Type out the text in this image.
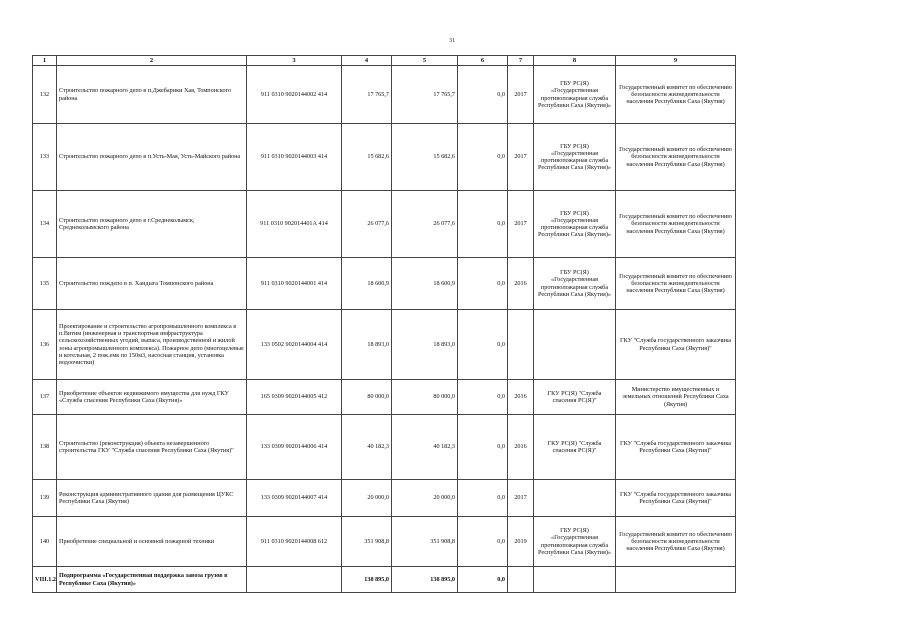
31
1	2	3	4	5	6	7	8	9
132	Строительство пожарного депо в п.Джебарики Хая, Томпонского района	911 0310 9020144002 414	17 765,7	17 765,7	0,0	2017	ГБУ РС(Я) «Государственная противопожарная служба Республики Саха (Якутия)»	Государственный комитет по обеспечению безопасности жизнедеятельности населения Республики Саха (Якутия)
133	Строительство пожарного депо в п.Усть-Мая, Усть-Майского района	911 0310 9020144003 414	15 682,6	15 682,6	0,0	2017	ГБУ РС(Я) «Государственная противопожарная служба Республики Саха (Якутия)»	Государственный комитет по обеспечению безопасности жизнедеятельности населения Республики Саха (Якутия)
134	Строительство пожарного депо в г.Среднеколымск, Среднеколымского района	911 0310 902014401А 414	26 077,6	26 077,6	0,0	2017	ГБУ РС(Я) «Государственная противопожарная служба Республики Саха (Якутия)»	Государственный комитет по обеспечению безопасности жизнедеятельности населения Республики Саха (Якутия)
135	Строительство пождепо в п. Хандыга Томпонского района	911 0310 9020144001 414	18 600,9	18 600,9	0,0	2016	ГБУ РС(Я) «Государственная противопожарная служба Республики Саха (Якутия)»	Государственный комитет по обеспечению безопасности жизнедеятельности населения Республики Саха (Якутия)
136	Проектирование и строительство агропромышленного комплекса в п.Витим (инженерная и транспортная инфраструктура сельскохозяйственных угодий, выпаса, производственной и жилой зоны агропромышленного комплекса). Пожарное депо (многоцелевые и котельная, 2 пож.емк по 150м3, насосная станция, установка водоочистки)	133 0502 9020144004 414	18 893,0	18 893,0	0,0			ГКУ "Служба государственного заказчика Республики Саха (Якутия)"
137	Приобретение объектов недвижимого имущества для нужд ГКУ «Служба спасения Республики Саха (Якутия)»	165 0309 9020144005 412	80 000,0	80 000,0	0,0	2016	ГКУ РС(Я) "Служба спасения РС(Я)"	Министерство имущественных и земельных отношений Республики Саха (Якутия)
138	Строительство (реконструкция) объекта незавершенного строительства ГКУ "Служба спасения Республики Саха (Якутия)"	133 0309 9020144006 414	40 182,3	40 182,3	0,0	2016	ГКУ РС(Я) "Служба спасения РС(Я)"	ГКУ "Служба государственного заказчика Республики Саха (Якутия)"
139	Реконструкция административного здания для размещения ЦУКС Республики Саха (Якутия)	133 0309 9020144007 414	20 000,0	20 000,0	0,0	2017		ГКУ "Служба государственного заказчика Республики Саха (Якутия)"
140	Приобретение специальной и основной пожарной техники	911 0310 9020144008 612	351 908,8	351 908,8	0,0	2019	ГБУ РС(Я) «Государственная противопожарная служба Республики Саха (Якутия)»	Государственный комитет по обеспечению безопасности жизнедеятельности населения Республики Саха (Якутия)
VIII.1.2	Подпрограмма «Государственная поддержка завоза грузов в Республике Саха (Якутия)»		138 895,0	138 895,0	0,0			
